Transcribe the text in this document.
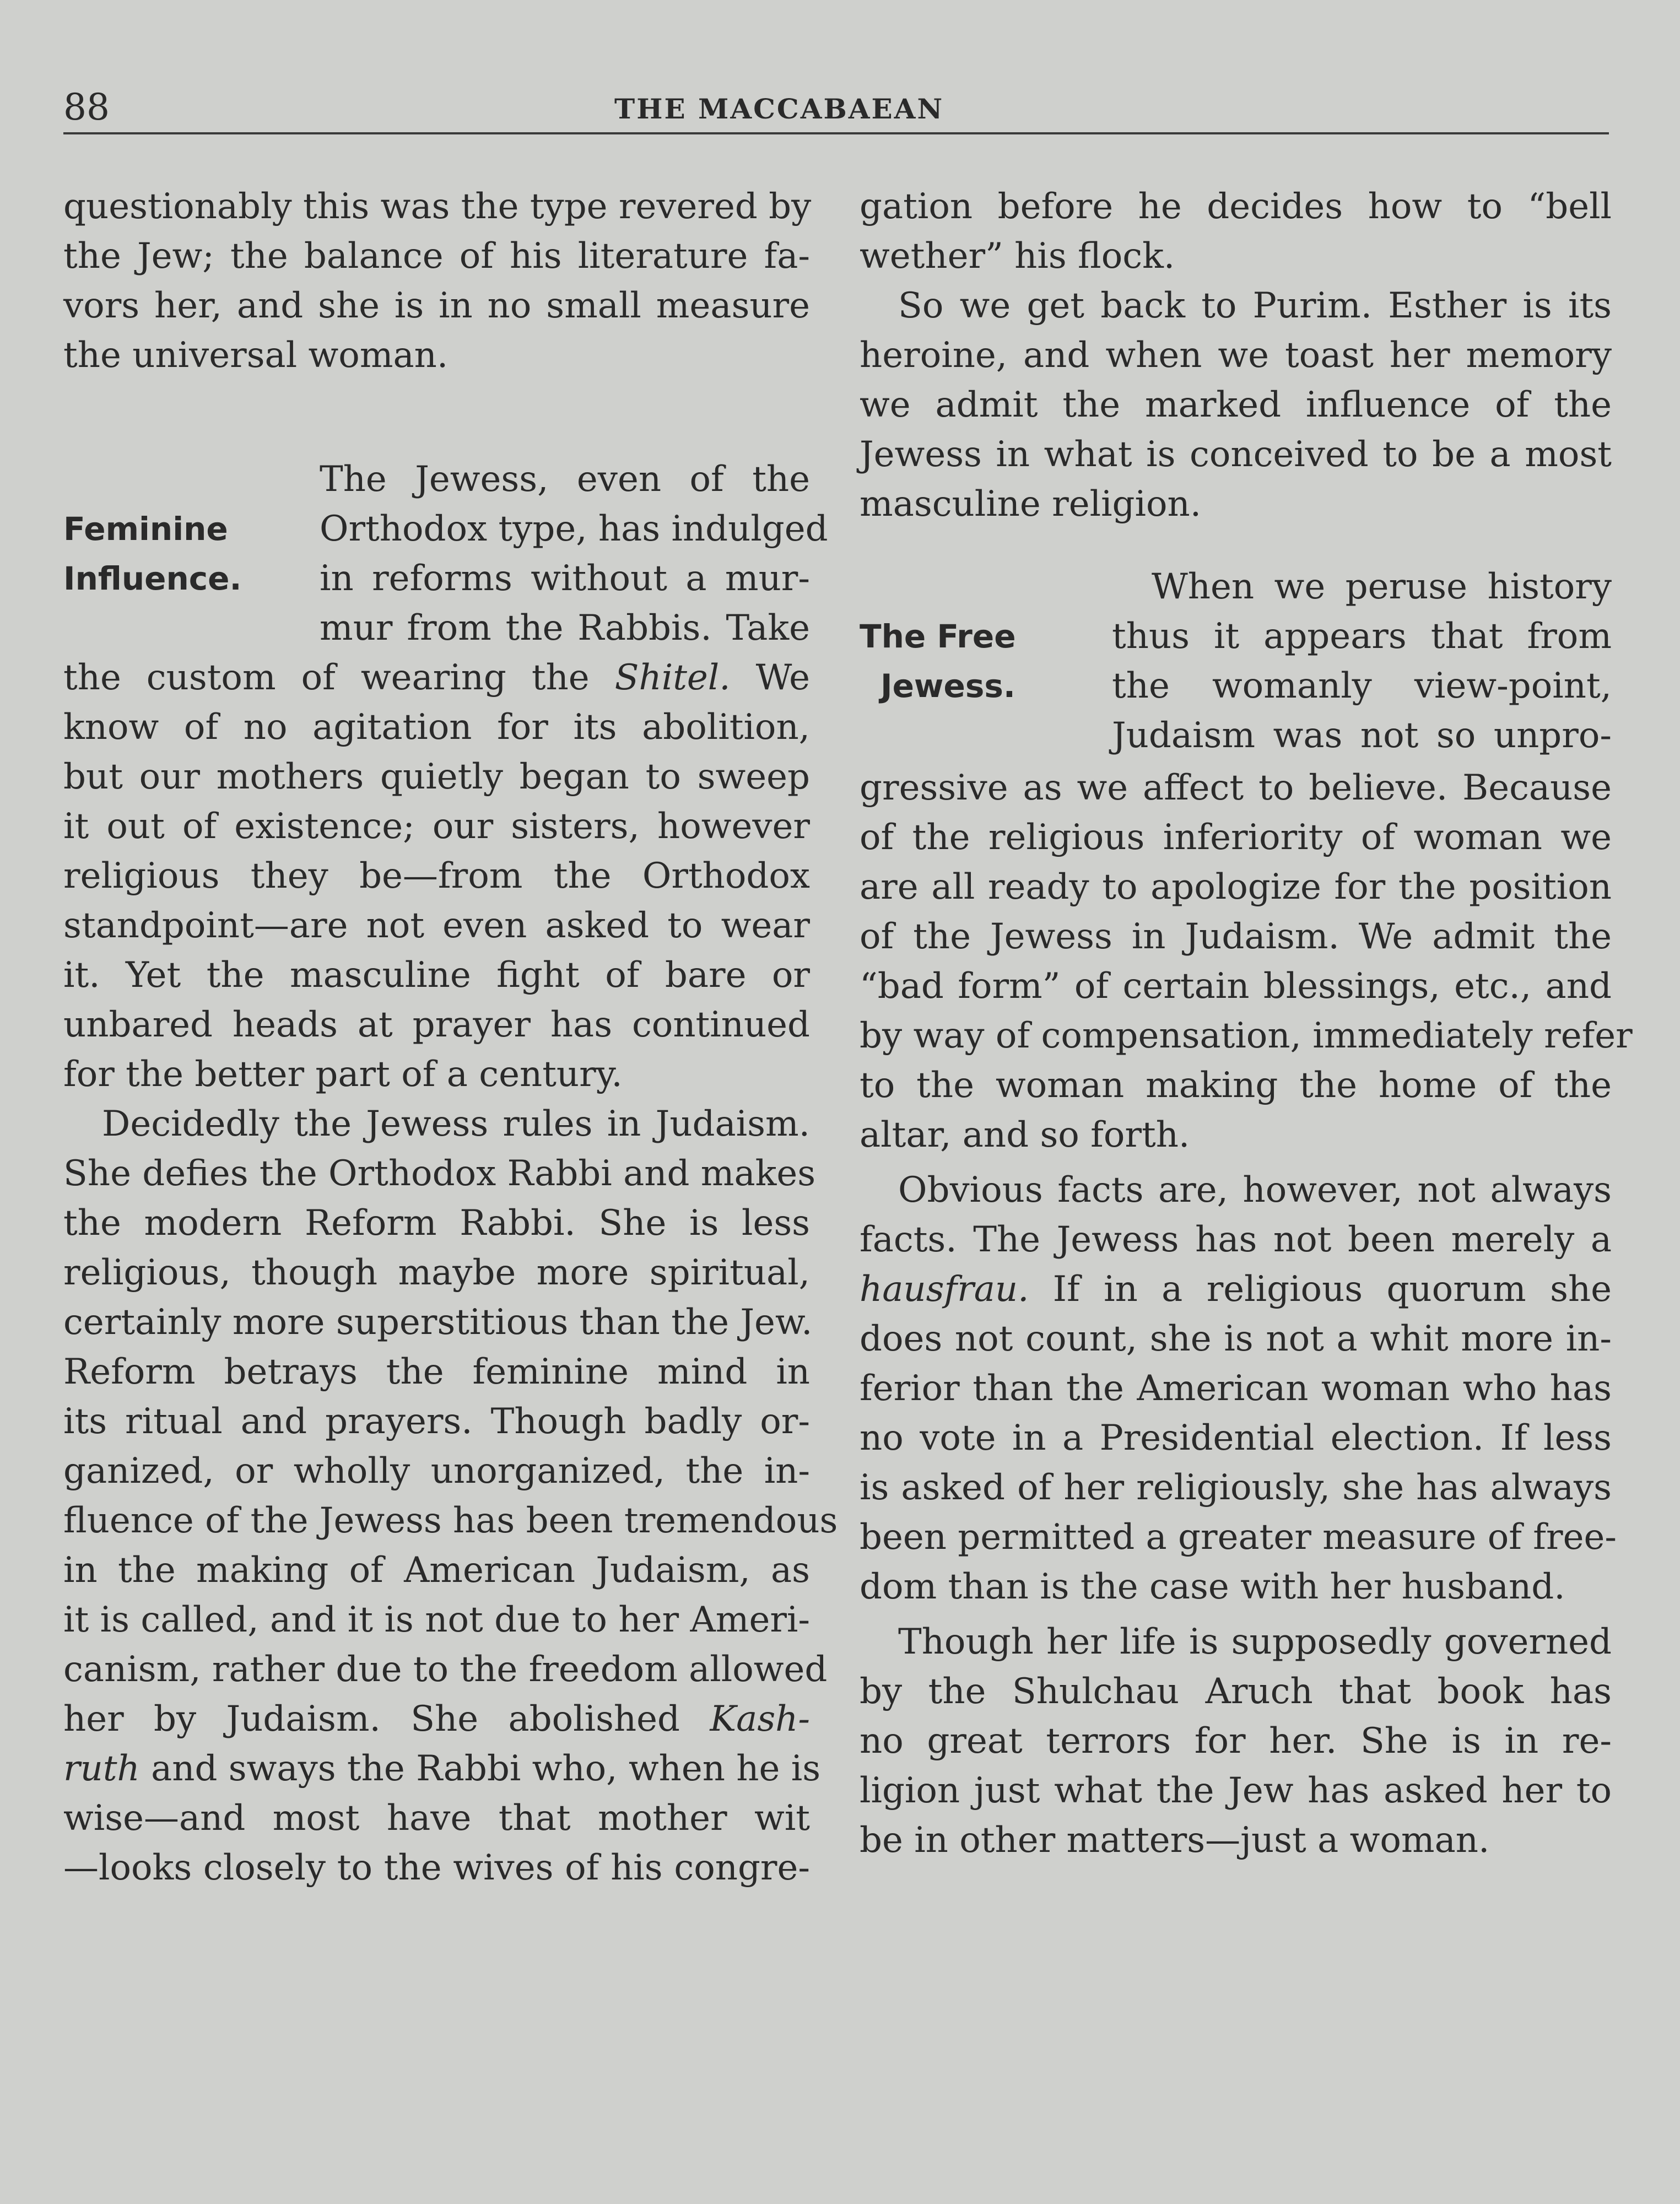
88	THE MACCABAEAN
questionably this was the type revered by
the Jew; the balance of his literature fa-
vors her, and she is in no small measure
the universal woman.
The Jewess, even of the
Orthodox type, has indulged
in reforms without a mur-
mur from the Rabbis. Take
Feminine
Influence.
the custom of wearing the Shitel. We
know of no agitation for its abolition,
but our mothers quietly began to sweep
it out of existence; our sisters, however
religious they be—from the Orthodox
standpoint—are not even asked to wear
it. Yet the masculine fight of bare or
unbared heads at prayer has continued
for the better part of a century.
Decidedly the Jewess rules in Judaism.
She defies the Orthodox Rabbi and makes
the modern Reform Rabbi. She is less
religious, though maybe more spiritual,
certainly more superstitious than the Jew.
Reform betrays the feminine mind in
its ritual and prayers. Though badly or-
ganized, or wholly unorganized, the in-
fluence of the Jewess has been tremendous
in the making of American Judaism, as
it is called, and it is not due to her Ameri-
canism, rather due to the freedom allowed
her by Judaism. She abolished Kash-
ruth and sways the Rabbi who, when he is
wise—and most have that mother wit
—looks closely to the wives of his congre-
gation before he decides how to “bell
wether” his flock.
So we get back to Purim. Esther is its
heroine, and when we toast her memory
we admit the marked influence of the
Jewess in what is conceived to be a most
masculine religion.
When we peruse history
thus it appears that from
the womanly view-point,
Judaism was not so unpro-
The Free
Jewess.
gressive as we affect to believe. Because
of the religious inferiority of woman we
are all ready to apologize for the position
of the Jewess in Judaism. We admit the
“bad form” of certain blessings, etc., and
by way of compensation, immediately refer
to the woman making the home of the
altar, and so forth.
Obvious facts are, however, not always
facts. The Jewess has not been merely a
hausfrau. If in a religious quorum she
does not count, she is not a whit more in-
ferior than the American woman who has
no vote in a Presidential election. If less
is asked of her religiously, she has always
been permitted a greater measure of free-
dom than is the case with her husband.
Though her life is supposedly governed
by the Shulchau Aruch that book has
no great terrors for her. She is in re-
ligion just what the Jew has asked her to
be in other matters—just a woman.
